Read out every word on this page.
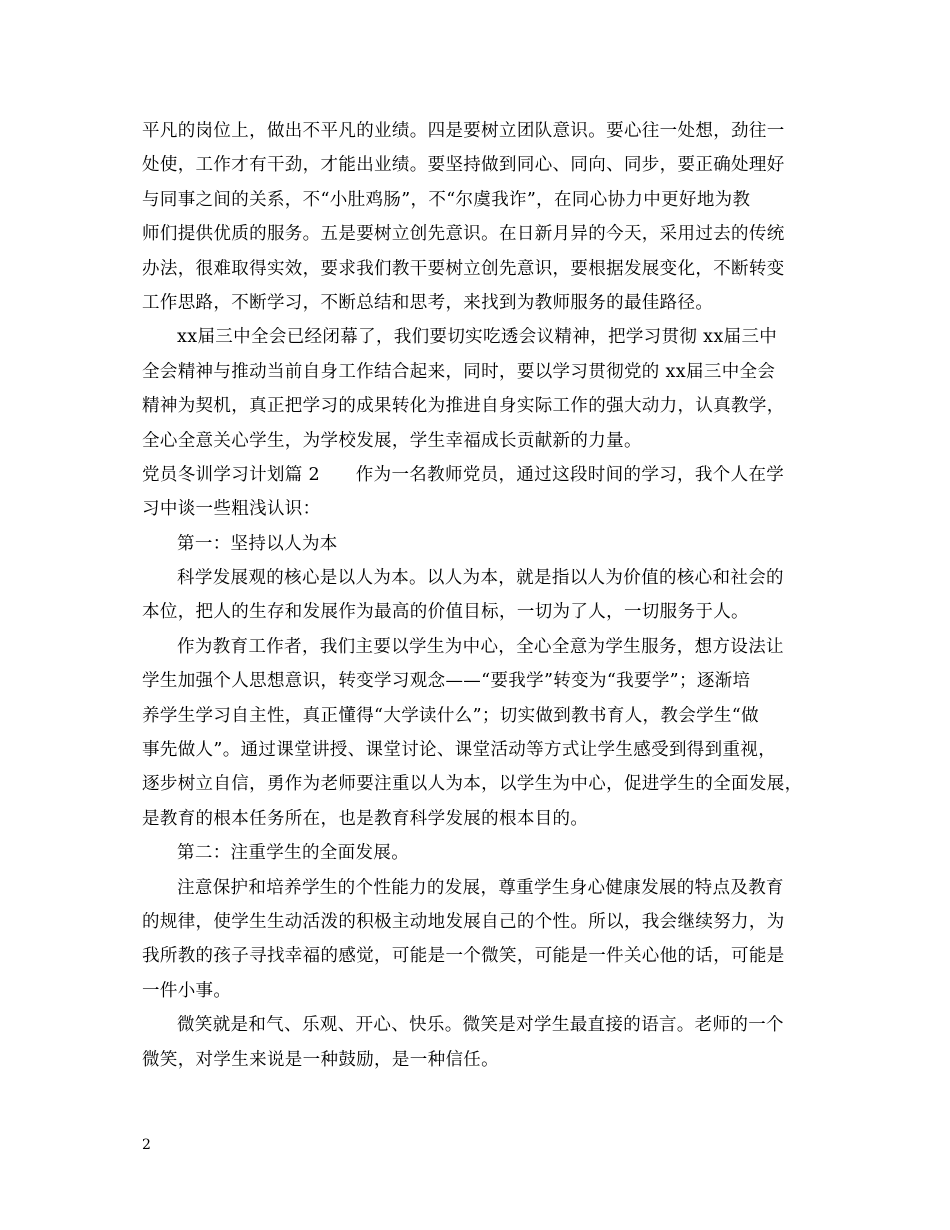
平凡的岗位上，做出不平凡的业绩。四是要树立团队意识。要心往一处想，劲往一
处使，工作才有干劲，才能出业绩。要坚持做到同心、同向、同步，要正确处理好
与同事之间的关系，不“小肚鸡肠”，不“尔虞我诈”，在同心协力中更好地为教
师们提供优质的服务。五是要树立创先意识。在日新月异的今天，采用过去的传统
办法，很难取得实效，要求我们教干要树立创先意识，要根据发展变化，不断转变
工作思路，不断学习，不断总结和思考，来找到为教师服务的最佳路径。
xx届三中全会已经闭幕了，我们要切实吃透会议精神，把学习贯彻 xx届三中
全会精神与推动当前自身工作结合起来，同时，要以学习贯彻党的 xx届三中全会
精神为契机，真正把学习的成果转化为推进自身实际工作的强大动力，认真教学，
全心全意关心学生，为学校发展，学生幸福成长贡献新的力量。
党员冬训学习计划篇 2　　作为一名教师党员，通过这段时间的学习，我个人在学
习中谈一些粗浅认识：
第一：坚持以人为本
科学发展观的核心是以人为本。以人为本，就是指以人为价值的核心和社会的
本位，把人的生存和发展作为最高的价值目标，一切为了人，一切服务于人。
作为教育工作者，我们主要以学生为中心，全心全意为学生服务，想方设法让
学生加强个人思想意识，转变学习观念——“要我学”转变为“我要学”；逐渐培
养学生学习自主性，真正懂得“大学读什么”；切实做到教书育人，教会学生“做
事先做人”。通过课堂讲授、课堂讨论、课堂活动等方式让学生感受到得到重视，
逐步树立自信，勇作为老师要注重以人为本，以学生为中心，促进学生的全面发展，
是教育的根本任务所在，也是教育科学发展的根本目的。
第二：注重学生的全面发展。
注意保护和培养学生的个性能力的发展，尊重学生身心健康发展的特点及教育
的规律，使学生生动活泼的积极主动地发展自己的个性。所以，我会继续努力，为
我所教的孩子寻找幸福的感觉，可能是一个微笑，可能是一件关心他的话，可能是
一件小事。
微笑就是和气、乐观、开心、快乐。微笑是对学生最直接的语言。老师的一个
微笑，对学生来说是一种鼓励，是一种信任。
2
